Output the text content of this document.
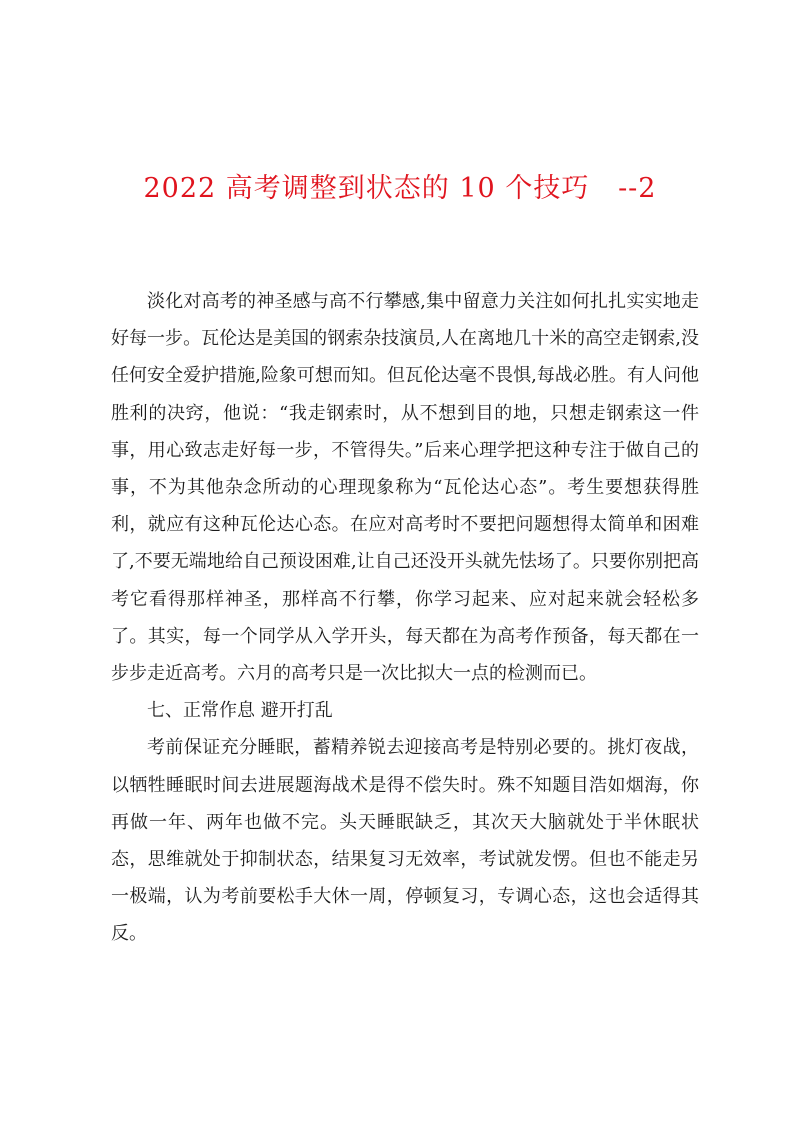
2022 高考调整到状态的 10 个技巧   --2

淡化对高考的神圣感与高不行攀感,集中留意力关注如何扎扎实实地走好每一步。瓦伦达是美国的钢索杂技演员,人在离地几十米的高空走钢索,没任何安全爱护措施,险象可想而知。但瓦伦达毫不畏惧,每战必胜。有人问他胜利的决窍，他说：“我走钢索时，从不想到目的地，只想走钢索这一件事，用心致志走好每一步，不管得失。”后来心理学把这种专注于做自己的事，不为其他杂念所动的心理现象称为“瓦伦达心态”。考生要想获得胜利，就应有这种瓦伦达心态。在应对高考时不要把问题想得太简单和困难了,不要无端地给自己预设困难,让自己还没开头就先怯场了。只要你别把高考它看得那样神圣，那样高不行攀，你学习起来、应对起来就会轻松多了。其实，每一个同学从入学开头，每天都在为高考作预备，每天都在一步步走近高考。六月的高考只是一次比拟大一点的检测而已。

七、正常作息 避开打乱

考前保证充分睡眠，蓄精养锐去迎接高考是特别必要的。挑灯夜战，以牺牲睡眠时间去进展题海战术是得不偿失时。殊不知题目浩如烟海，你再做一年、两年也做不完。头天睡眠缺乏，其次天大脑就处于半休眠状态，思维就处于抑制状态，结果复习无效率，考试就发愣。但也不能走另一极端，认为考前要松手大休一周，停顿复习，专调心态，这也会适得其反。
